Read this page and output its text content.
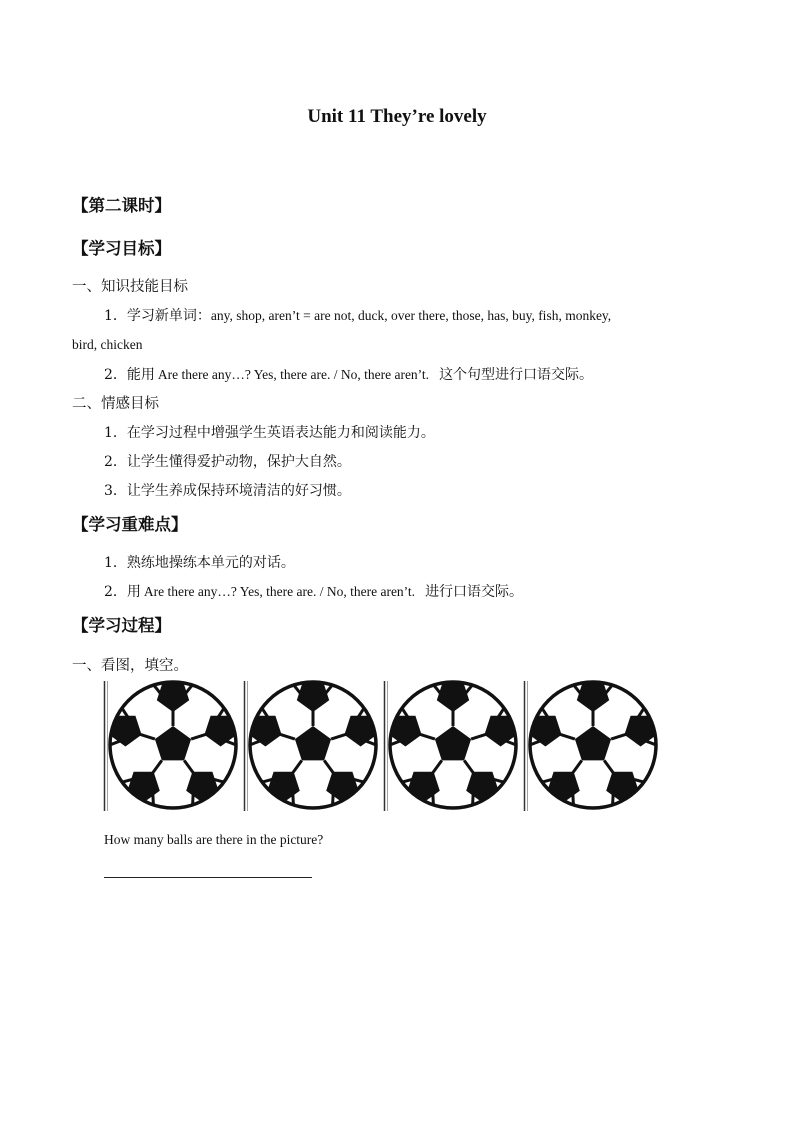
Unit 11 They’re lovely
【第二课时】
【学习目标】
一、知识技能目标
1．学习新单词：any, shop, aren’t = are not, duck, over there, those, has, buy, fish, monkey,
bird, chicken
2．能用 Are there any…? Yes, there are. / No, there aren’t. 这个句型进行口语交际。
二、情感目标
1．在学习过程中增强学生英语表达能力和阅读能力。
2．让学生懂得爱护动物，保护大自然。
3．让学生养成保持环境清洁的好习惯。
【学习重难点】
1．熟练地操练本单元的对话。
2．用 Are there any…? Yes, there are. / No, there aren’t. 进行口语交际。
【学习过程】
一、看图，填空。
How many balls are there in the picture?
